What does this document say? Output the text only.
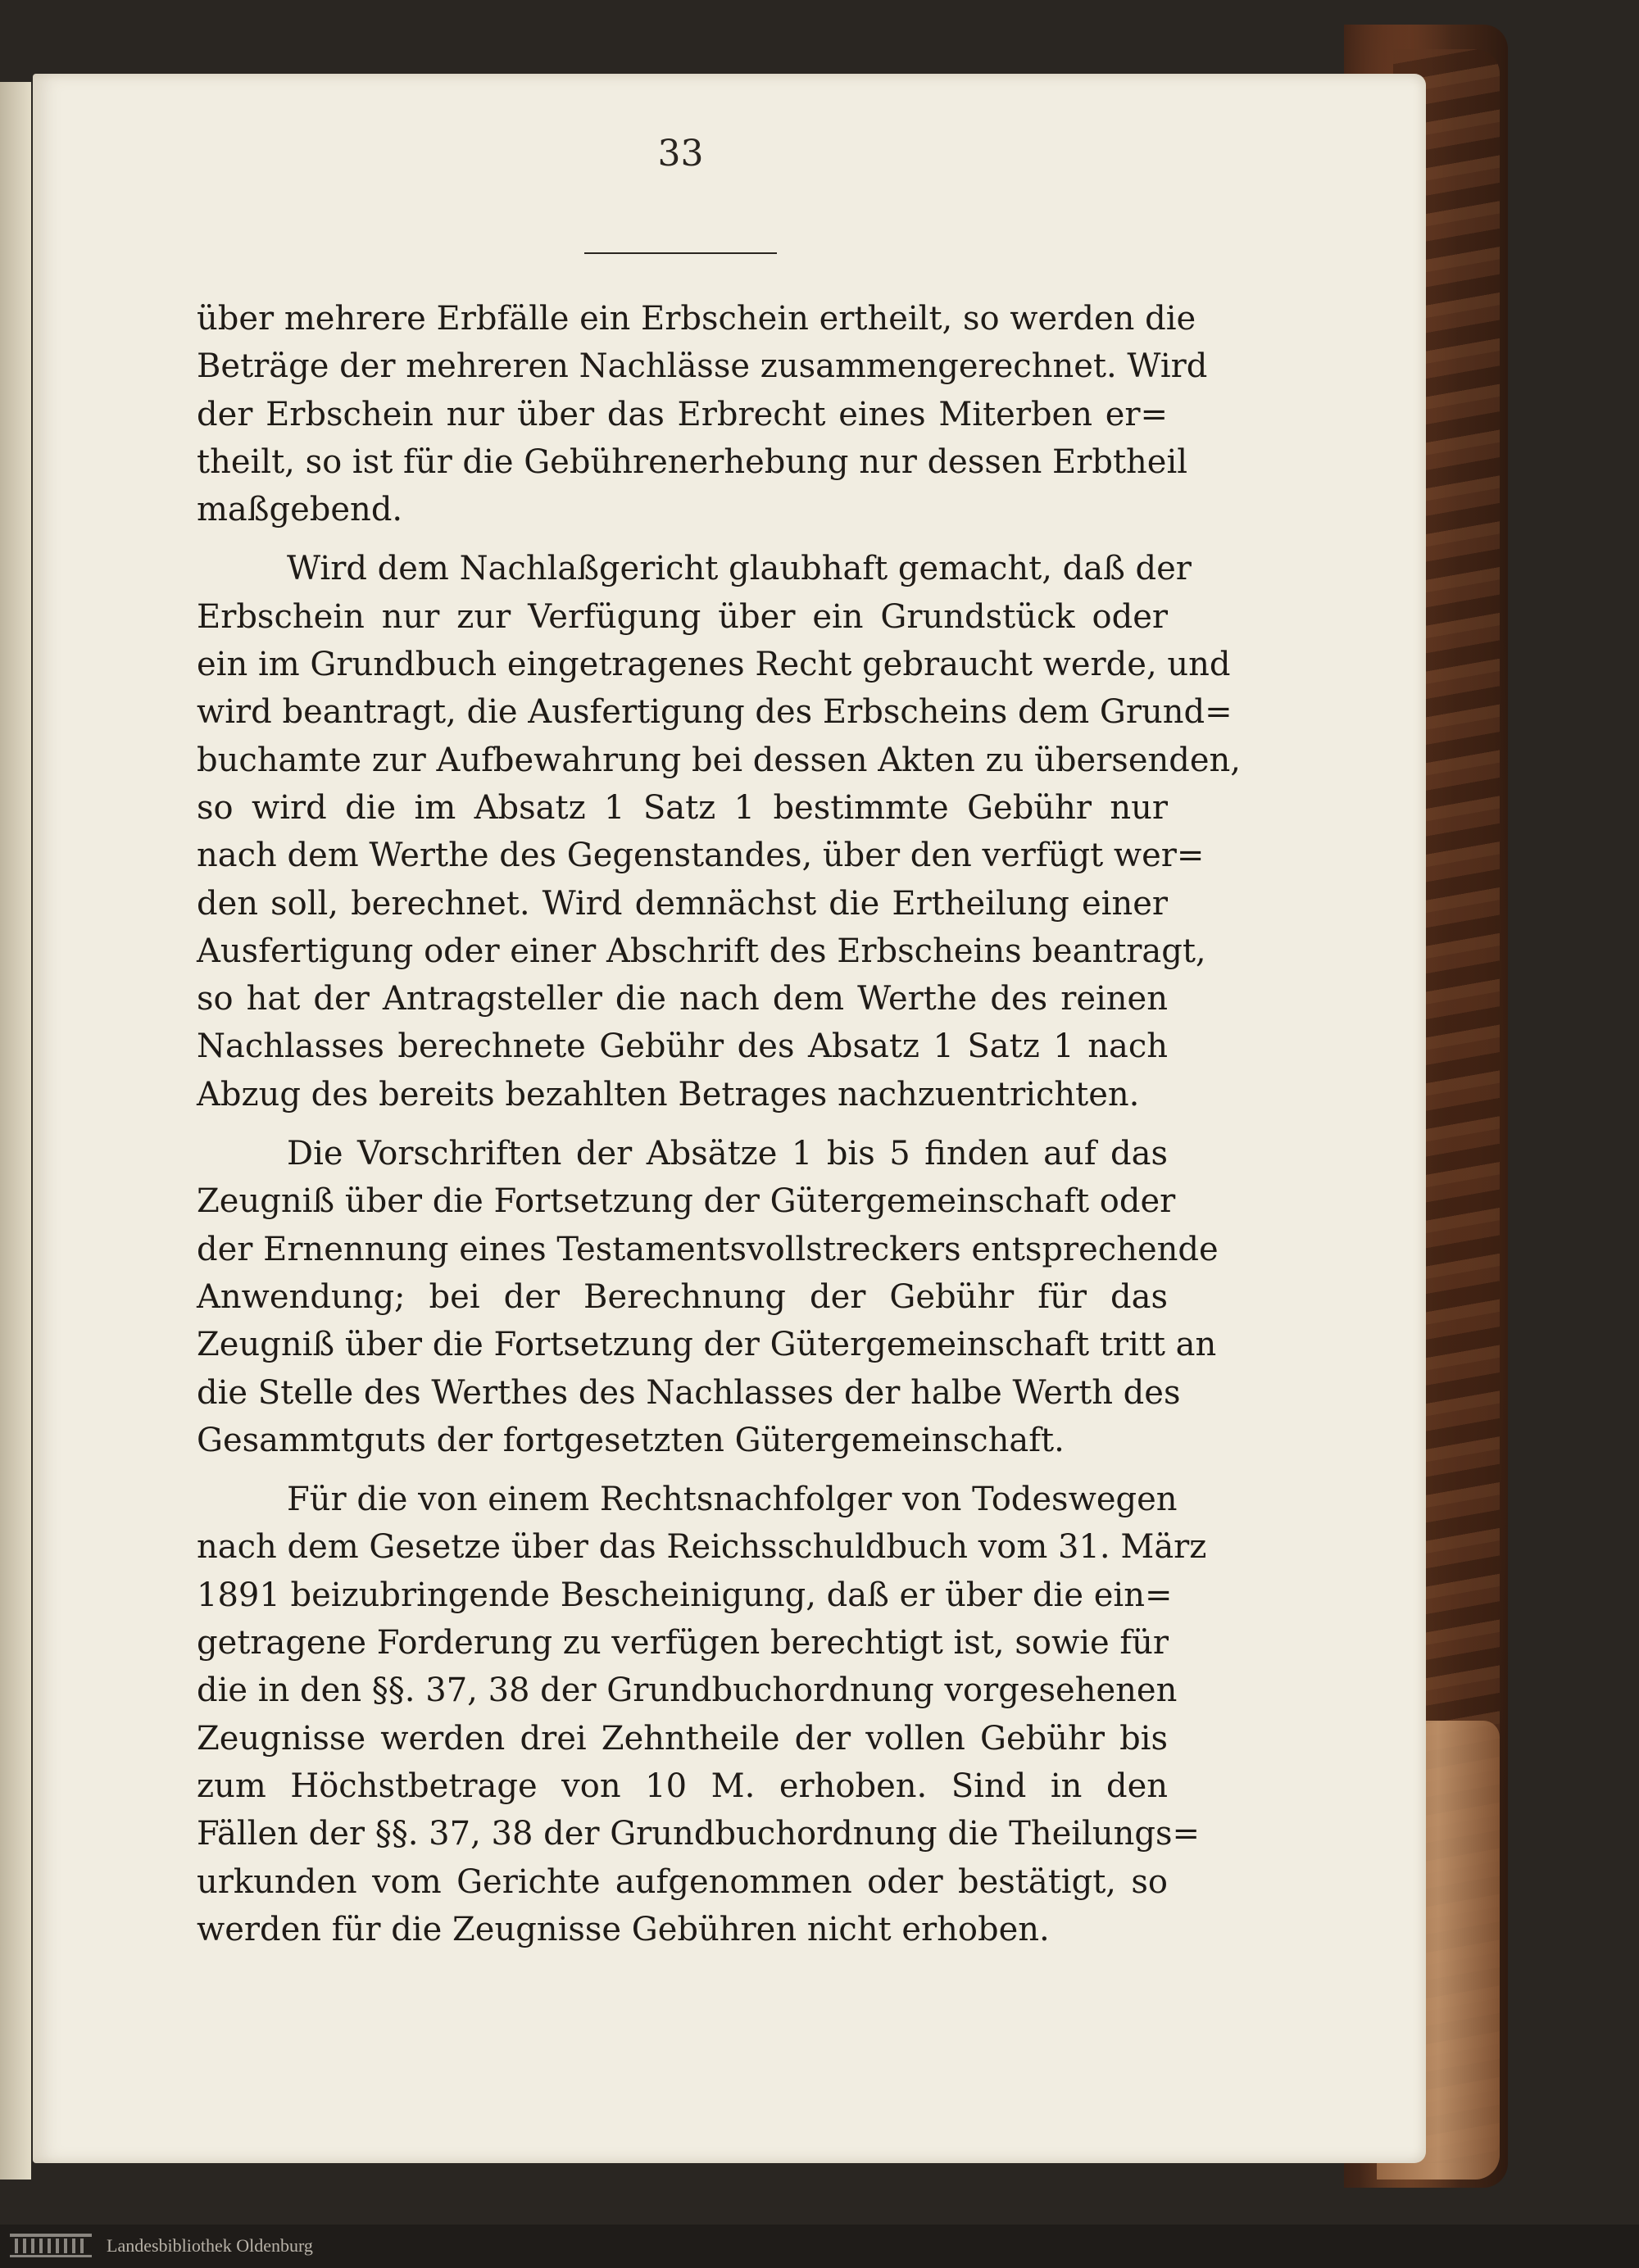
33
über mehrere Erbfälle ein Erbschein ertheilt, so werden die
Beträge der mehreren Nachlässe zusammengerechnet. Wird
der Erbschein nur über das Erbrecht eines Miterben er=
theilt, so ist für die Gebührenerhebung nur dessen Erbtheil
maßgebend.
Wird dem Nachlaßgericht glaubhaft gemacht, daß der
Erbschein nur zur Verfügung über ein Grundstück oder
ein im Grundbuch eingetragenes Recht gebraucht werde, und
wird beantragt, die Ausfertigung des Erbscheins dem Grund=
buchamte zur Aufbewahrung bei dessen Akten zu übersenden,
so wird die im Absatz 1 Satz 1 bestimmte Gebühr nur
nach dem Werthe des Gegenstandes, über den verfügt wer=
den soll, berechnet. Wird demnächst die Ertheilung einer
Ausfertigung oder einer Abschrift des Erbscheins beantragt,
so hat der Antragsteller die nach dem Werthe des reinen
Nachlasses berechnete Gebühr des Absatz 1 Satz 1 nach
Abzug des bereits bezahlten Betrages nachzuentrichten.
Die Vorschriften der Absätze 1 bis 5 finden auf das
Zeugniß über die Fortsetzung der Gütergemeinschaft oder
der Ernennung eines Testamentsvollstreckers entsprechende
Anwendung; bei der Berechnung der Gebühr für das
Zeugniß über die Fortsetzung der Gütergemeinschaft tritt an
die Stelle des Werthes des Nachlasses der halbe Werth des
Gesammtguts der fortgesetzten Gütergemeinschaft.
Für die von einem Rechtsnachfolger von Todeswegen
nach dem Gesetze über das Reichsschuldbuch vom 31. März
1891 beizubringende Bescheinigung, daß er über die ein=
getragene Forderung zu verfügen berechtigt ist, sowie für
die in den §§. 37, 38 der Grundbuchordnung vorgesehenen
Zeugnisse werden drei Zehntheile der vollen Gebühr bis
zum Höchstbetrage von 10 M. erhoben. Sind in den
Fällen der §§. 37, 38 der Grundbuchordnung die Theilungs=
urkunden vom Gerichte aufgenommen oder bestätigt, so
werden für die Zeugnisse Gebühren nicht erhoben.
Landesbibliothek Oldenburg
